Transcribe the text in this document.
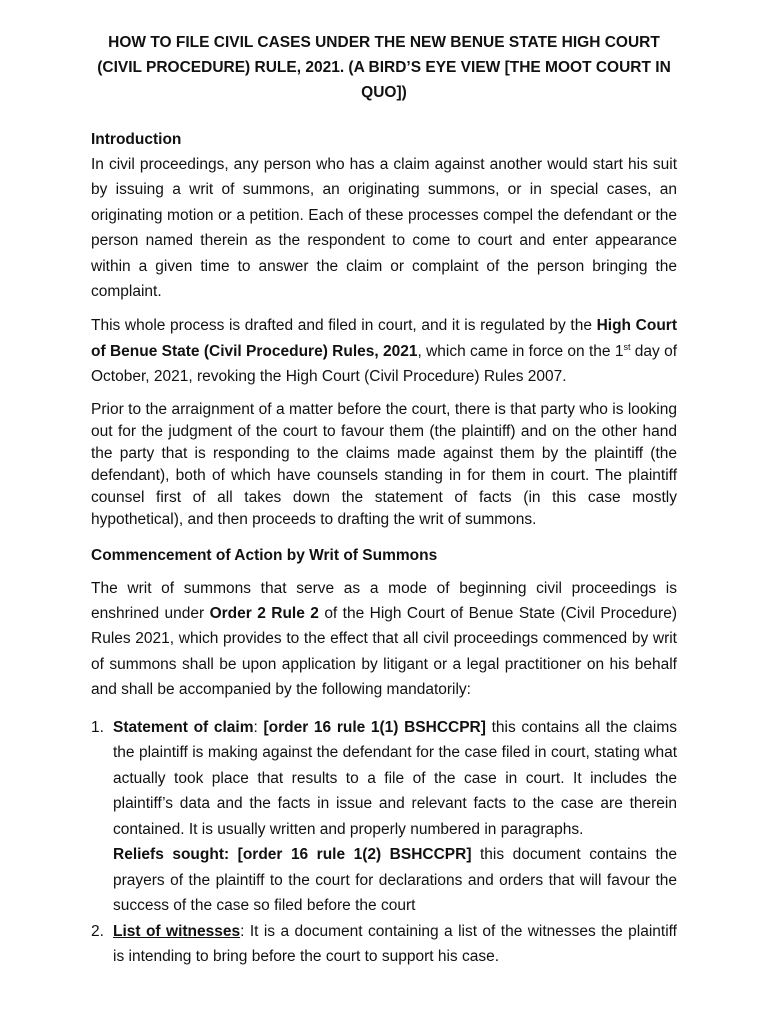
HOW TO FILE CIVIL CASES UNDER THE NEW BENUE STATE HIGH COURT (CIVIL PROCEDURE) RULE, 2021. (A BIRD’S EYE VIEW [THE MOOT COURT IN QUO])

Introduction

In civil proceedings, any person who has a claim against another would start his suit by issuing a writ of summons, an originating summons, or in special cases, an originating motion or a petition. Each of these processes compel the defendant or the person named therein as the respondent to come to court and enter appearance within a given time to answer the claim or complaint of the person bringing the complaint.

This whole process is drafted and filed in court, and it is regulated by the High Court of Benue State (Civil Procedure) Rules, 2021, which came in force on the 1st day of October, 2021, revoking the High Court (Civil Procedure) Rules 2007.

Prior to the arraignment of a matter before the court, there is that party who is looking out for the judgment of the court to favour them (the plaintiff) and on the other hand the party that is responding to the claims made against them by the plaintiff (the defendant), both of which have counsels standing in for them in court. The plaintiff counsel first of all takes down the statement of facts (in this case mostly hypothetical), and then proceeds to drafting the writ of summons.

Commencement of Action by Writ of Summons

The writ of summons that serve as a mode of beginning civil proceedings is enshrined under Order 2 Rule 2 of the High Court of Benue State (Civil Procedure) Rules 2021, which provides to the effect that all civil proceedings commenced by writ of summons shall be upon application by litigant or a legal practitioner on his behalf and shall be accompanied by the following mandatorily:

1. Statement of claim: [order 16 rule 1(1) BSHCCPR] this contains all the claims the plaintiff is making against the defendant for the case filed in court, stating what actually took place that results to a file of the case in court. It includes the plaintiff’s data and the facts in issue and relevant facts to the case are therein contained. It is usually written and properly numbered in paragraphs.
Reliefs sought: [order 16 rule 1(2) BSHCCPR] this document contains the prayers of the plaintiff to the court for declarations and orders that will favour the success of the case so filed before the court
2. List of witnesses: It is a document containing a list of the witnesses the plaintiff is intending to bring before the court to support his case.
